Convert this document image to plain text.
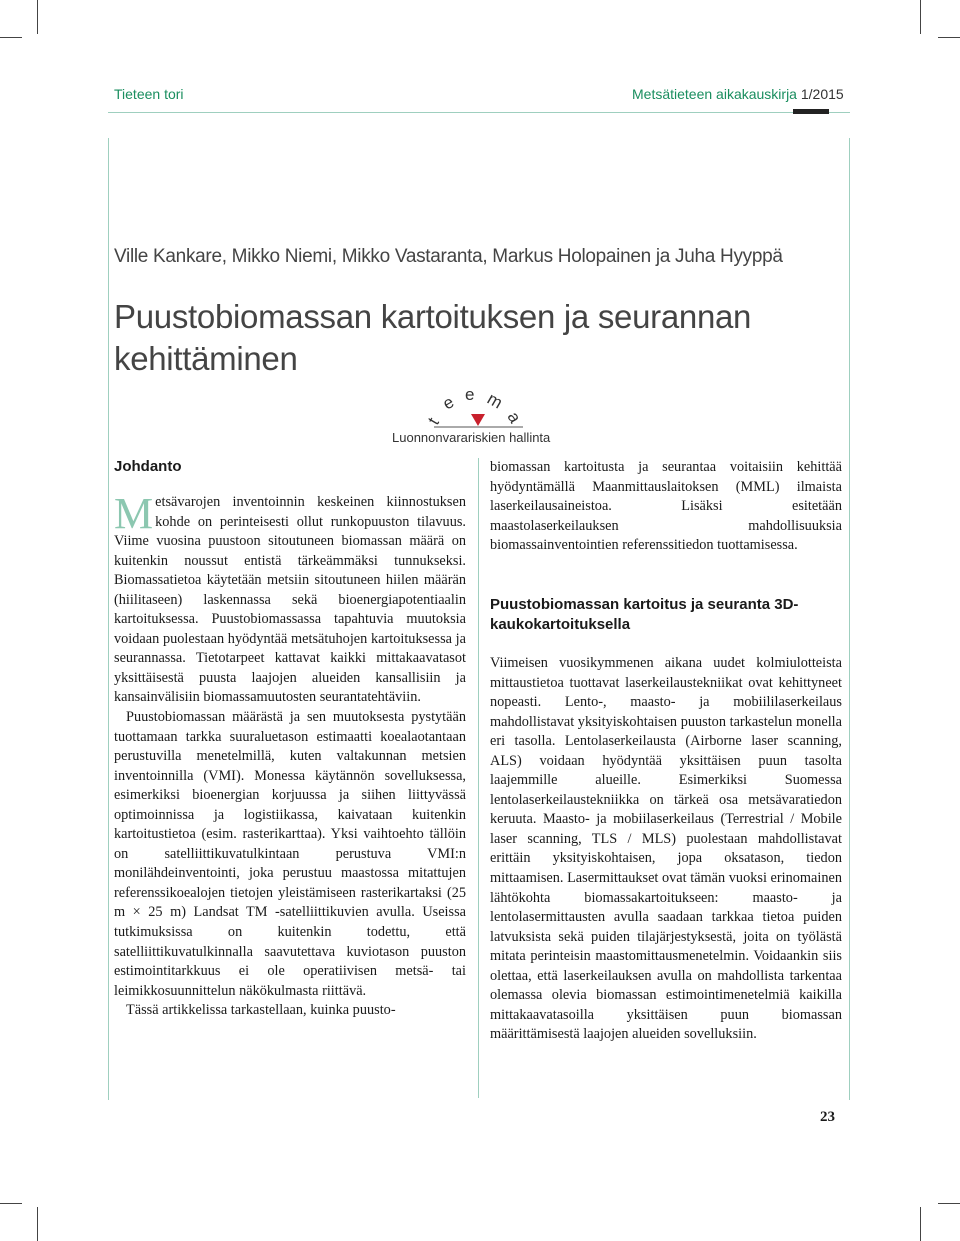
Tieteen tori	Metsätieteen aikakauskirja 1/2015
Ville Kankare, Mikko Niemi, Mikko Vastaranta, Markus Holopainen ja Juha Hyyppä
Puustobiomassan kartoituksen ja seurannan kehittäminen
t
e e m
a
Luonnonvarariskien hallinta
Johdanto

Metsävarojen inventoinnin keskeinen kiinnostuksen kohde on perinteisesti ollut runkopuuston tilavuus. Viime vuosina puustoon sitoutuneen biomassan määrä on kuitenkin noussut entistä tärkeämmäksi tunnukseksi. Biomassatietoa käytetään metsiin sitoutuneen hiilen määrän (hiilitaseen) laskennassa sekä bioenergiapotentiaalin kartoituksessa. Puustobiomassassa tapahtuvia muutoksia voidaan puolestaan hyödyntää metsätuhojen kartoituksessa ja seurannassa. Tietotarpeet kattavat kaikki mittakaavatasot yksittäisestä puusta laajojen alueiden kansallisiin ja kansainvälisiin biomassamuutosten seurantatehtäviin.

Puustobiomassan määrästä ja sen muutoksesta pystytään tuottamaan tarkka suuraluetason estimaatti koealaotantaan perustuvilla menetelmillä, kuten valtakunnan metsien inventoinnilla (VMI). Monessa käytännön sovelluksessa, esimerkiksi bioenergian korjuussa ja siihen liittyvässä optimoinnissa ja logistiikassa, kaivataan kuitenkin kartoitustietoa (esim. rasterikarttaa). Yksi vaihtoehto tällöin on satelliittikuvatulkintaan perustuva VMI:n monilähdeinventointi, joka perustuu maastossa mitattujen referenssikoealojen tietojen yleistämiseen rasterikartaksi (25 m × 25 m) Landsat TM -satelliittikuvien avulla. Useissa tutkimuksissa on kuitenkin todettu, että satelliittikuvatulkinnalla saavutettava kuviotason puuston estimointitarkkuus ei ole operatiivisen metsä- tai leimikkosuunnittelun näkökulmasta riittävä.

Tässä artikkelissa tarkastellaan, kuinka puusto-

biomassan kartoitusta ja seurantaa voitaisiin kehittää hyödyntämällä Maanmittauslaitoksen (MML) ilmaista laserkeilausaineistoa. Lisäksi esitetään maastolaserkeilauksen mahdollisuuksia biomassainventointien referenssitiedon tuottamisessa.

Puustobiomassan kartoitus ja seuranta 3D-kaukokartoituksella

Viimeisen vuosikymmenen aikana uudet kolmiulotteista mittaustietoa tuottavat laserkeilaustekniikat ovat kehittyneet nopeasti. Lento-, maasto- ja mobiililaserkeilaus mahdollistavat yksityiskohtaisen puuston tarkastelun monella eri tasolla. Lentolaserkeilausta (Airborne laser scanning, ALS) voidaan hyödyntää yksittäisen puun tasolta laajemmille alueille. Esimerkiksi Suomessa lentolaserkeilaustekniikka on tärkeä osa metsävaratiedon keruuta. Maasto- ja mobiilaserkeilaus (Terrestrial / Mobile laser scanning, TLS / MLS) puolestaan mahdollistavat erittäin yksityiskohtaisen, jopa oksatason, tiedon mittaamisen. Lasermittaukset ovat tämän vuoksi erinomainen lähtökohta biomassakartoitukseen: maasto- ja lentolasermittausten avulla saadaan tarkkaa tietoa puiden latvuksista sekä puiden tilajärjestyksestä, joita on työlästä mitata perinteisin maastomittausmenetelmin. Voidaankin siis olettaa, että laserkeilauksen avulla on mahdollista tarkentaa olemassa olevia biomassan estimointimenetelmiä kaikilla mittakaavatasoilla yksittäisen puun biomassan määrittämisestä laajojen alueiden sovelluksiin.

23
